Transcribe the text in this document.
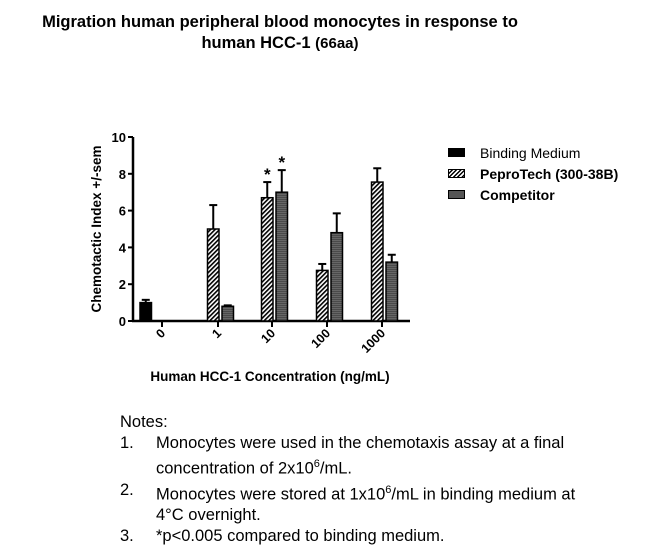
Migration human peripheral blood monocytes in response to
human HCC-1 (66aa)
0
2
4
6
8
10
Chemotactic Index +/-sem
Human HCC-1 Concentration (ng/mL)
0	1	10 100 1000
*
*
Binding Medium
PeproTech (300-38B)
Competitor
Notes:
1.	Monocytes were used in the chemotaxis assay at a final concentration of $2x10^6/mL$.
2.	Monocytes were stored at $1x10^6/mL$ in binding medium at 4°C overnight.
3.	*p<0.005 compared to binding medium.
